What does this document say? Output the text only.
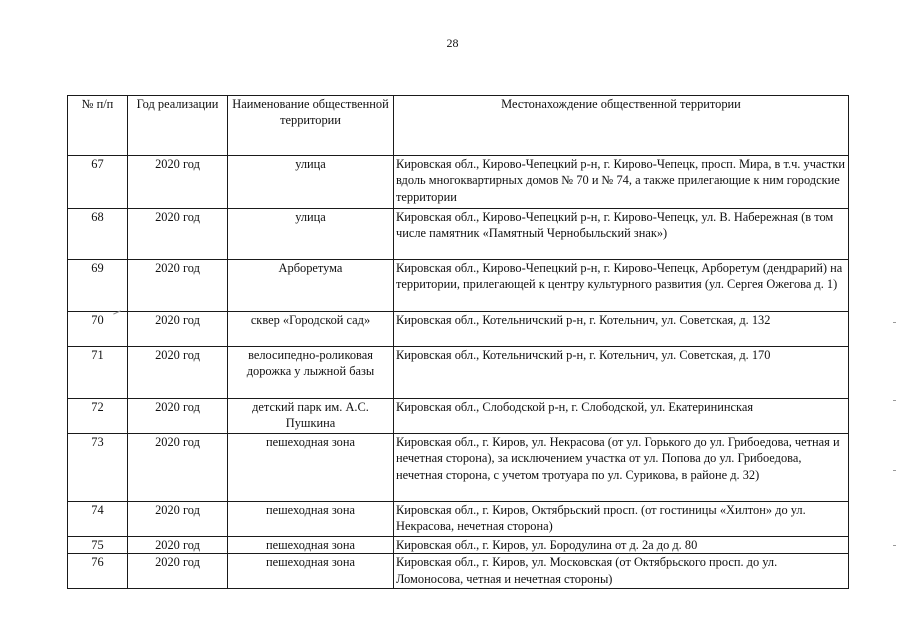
28
№ п/п	Год реализации	Наименование общественной территории	Местонахождение общественной территории
67	2020 год	улица	Кировская обл., Кирово-Чепецкий р-н, г. Кирово-Чепецк, просп. Мира, в т.ч. участки вдоль многоквартирных домов № 70 и № 74, а также прилегающие к ним городские территории
68	2020 год	улица	Кировская обл., Кирово-Чепецкий р-н, г. Кирово-Чепецк, ул. В. Набережная (в том числе памятник «Памятный Чернобыльский знак»)
69	2020 год	Арборетума	Кировская обл., Кирово-Чепецкий р-н, г. Кирово-Чепецк, Арборетум (дендрарий) на территории, прилегающей к центру культурного развития (ул. Сергея Ожегова д. 1)
70	2020 год	сквер «Городской сад»	Кировская обл., Котельничский р-н, г. Котельнич, ул. Советская, д. 132
71	2020 год	велосипедно-роликовая дорожка у лыжной базы	Кировская обл., Котельничский р-н, г. Котельнич, ул. Советская, д. 170
72	2020 год	детский парк им. А.С. Пушкина	Кировская обл., Слободской р-н, г. Слободской, ул. Екатерининская
73	2020 год	пешеходная зона	Кировская обл., г. Киров, ул. Некрасова (от ул. Горького до ул. Грибоедова, четная и нечетная сторона), за исключением участка от ул. Попова до ул. Грибоедова, нечетная сторона, с учетом тротуара по ул. Сурикова, в районе д. 32)
74	2020 год	пешеходная зона	Кировская обл., г. Киров, Октябрьский просп. (от гостиницы «Хилтон» до ул. Некрасова, нечетная сторона)
75	2020 год	пешеходная зона	Кировская обл., г. Киров, ул. Бородулина от д. 2а до д. 80
76	2020 год	пешеходная зона	Кировская обл., г. Киров, ул. Московская (от Октябрьского просп. до ул. Ломоносова, четная и нечетная стороны)
